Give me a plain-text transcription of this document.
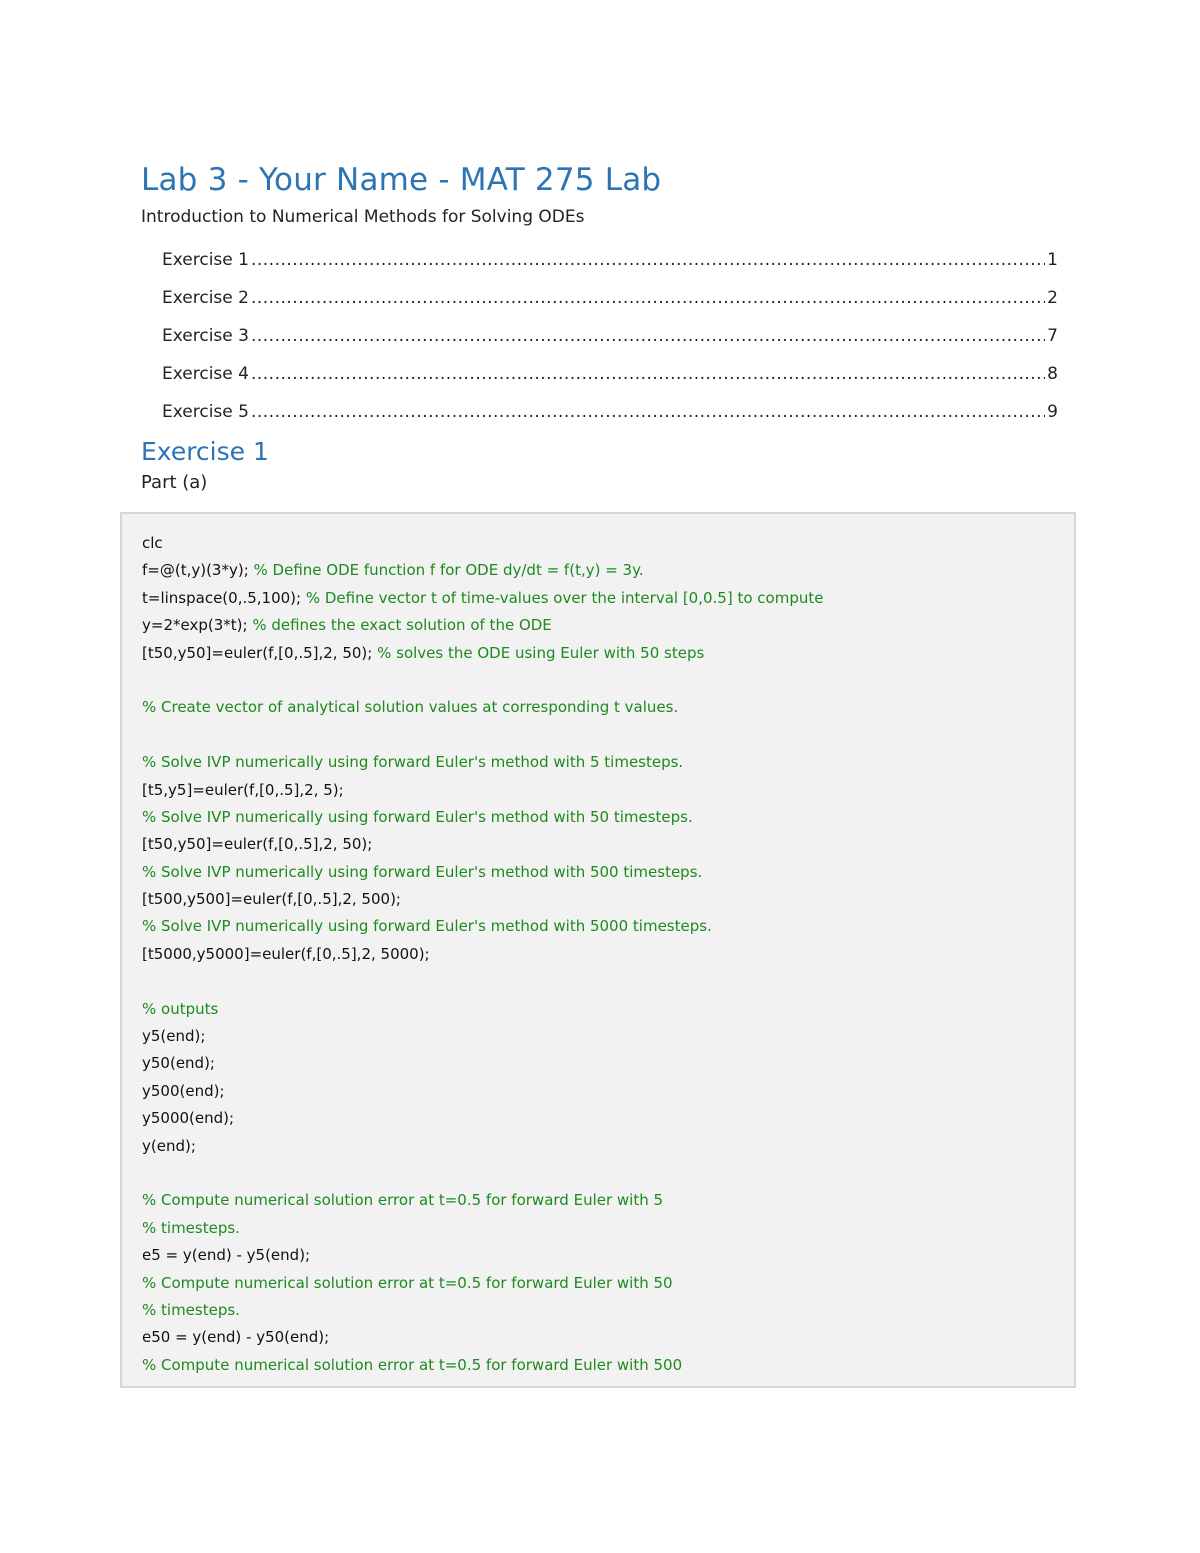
Lab 3 - Your Name - MAT 275 Lab
Introduction to Numerical Methods for Solving ODEs
Exercise 1 .....	1
Exercise 2 .....	2
Exercise 3 .....	7
Exercise 4 .....	8
Exercise 5 .....	9
Exercise 1
Part (a)
clc
f=@(t,y)(3*y); % Define ODE function f for ODE dy/dt = f(t,y) = 3y.
t=linspace(0,.5,100); % Define vector t of time-values over the interval [0,0.5] to compute
y=2*exp(3*t); % defines the exact solution of the ODE
[t50,y50]=euler(f,[0,.5],2, 50); % solves the ODE using Euler with 50 steps
% Create vector of analytical solution values at corresponding t values.
% Solve IVP numerically using forward Euler's method with 5 timesteps.
[t5,y5]=euler(f,[0,.5],2, 5);
% Solve IVP numerically using forward Euler's method with 50 timesteps.
[t50,y50]=euler(f,[0,.5],2, 50);
% Solve IVP numerically using forward Euler's method with 500 timesteps.
[t500,y500]=euler(f,[0,.5],2, 500);
% Solve IVP numerically using forward Euler's method with 5000 timesteps.
[t5000,y5000]=euler(f,[0,.5],2, 5000);
% outputs
y5(end);
y50(end);
y500(end);
y5000(end);
y(end);
% Compute numerical solution error at t=0.5 for forward Euler with 5
% timesteps.
e5 = y(end) - y5(end);
% Compute numerical solution error at t=0.5 for forward Euler with 50
% timesteps.
e50 = y(end) - y50(end);
% Compute numerical solution error at t=0.5 for forward Euler with 500
